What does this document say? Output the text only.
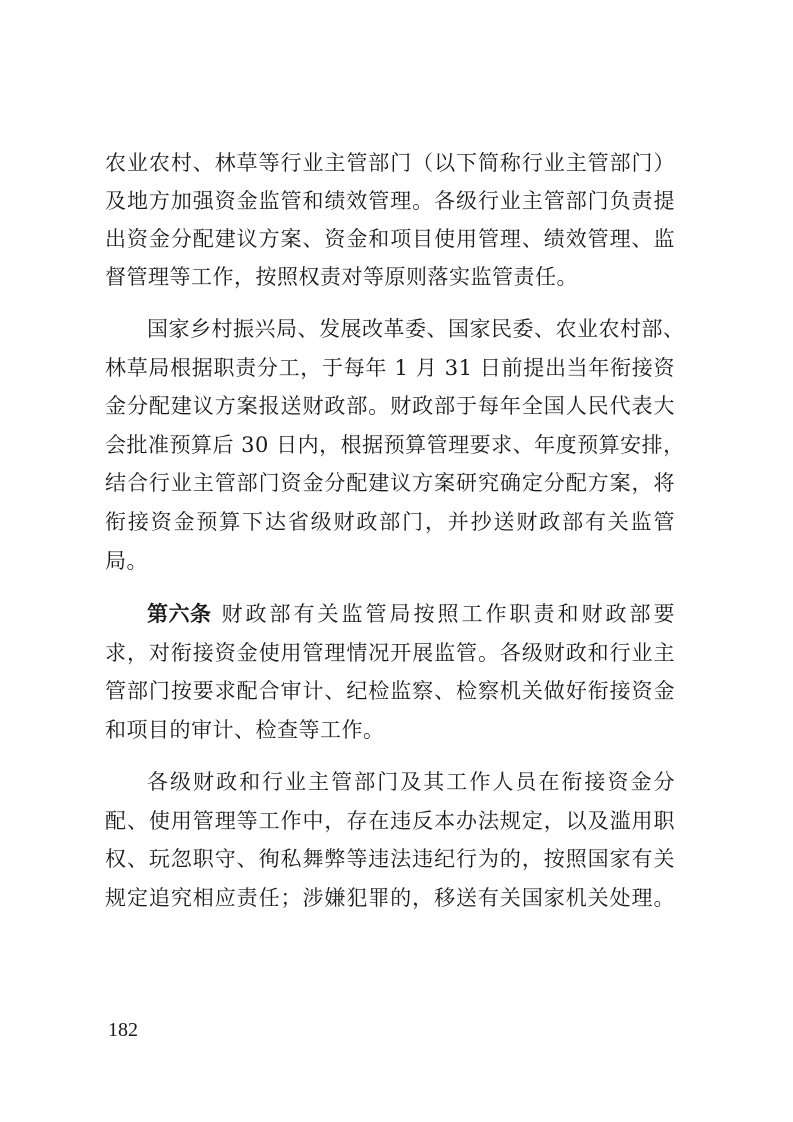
农业农村、林草等行业主管部门（以下简称行业主管部门）
及地方加强资金监管和绩效管理。各级行业主管部门负责提
出资金分配建议方案、资金和项目使用管理、绩效管理、监
督管理等工作，按照权责对等原则落实监管责任。
国家乡村振兴局、发展改革委、国家民委、农业农村部、
林草局根据职责分工，于每年 1 月 31 日前提出当年衔接资
金分配建议方案报送财政部。财政部于每年全国人民代表大
会批准预算后 30 日内，根据预算管理要求、年度预算安排，
结合行业主管部门资金分配建议方案研究确定分配方案，将
衔接资金预算下达省级财政部门，并抄送财政部有关监管
局。
第六条 财政部有关监管局按照工作职责和财政部要
求，对衔接资金使用管理情况开展监管。各级财政和行业主
管部门按要求配合审计、纪检监察、检察机关做好衔接资金
和项目的审计、检查等工作。
各级财政和行业主管部门及其工作人员在衔接资金分
配、使用管理等工作中，存在违反本办法规定，以及滥用职
权、玩忽职守、徇私舞弊等违法违纪行为的，按照国家有关
规定追究相应责任；涉嫌犯罪的，移送有关国家机关处理。
182
